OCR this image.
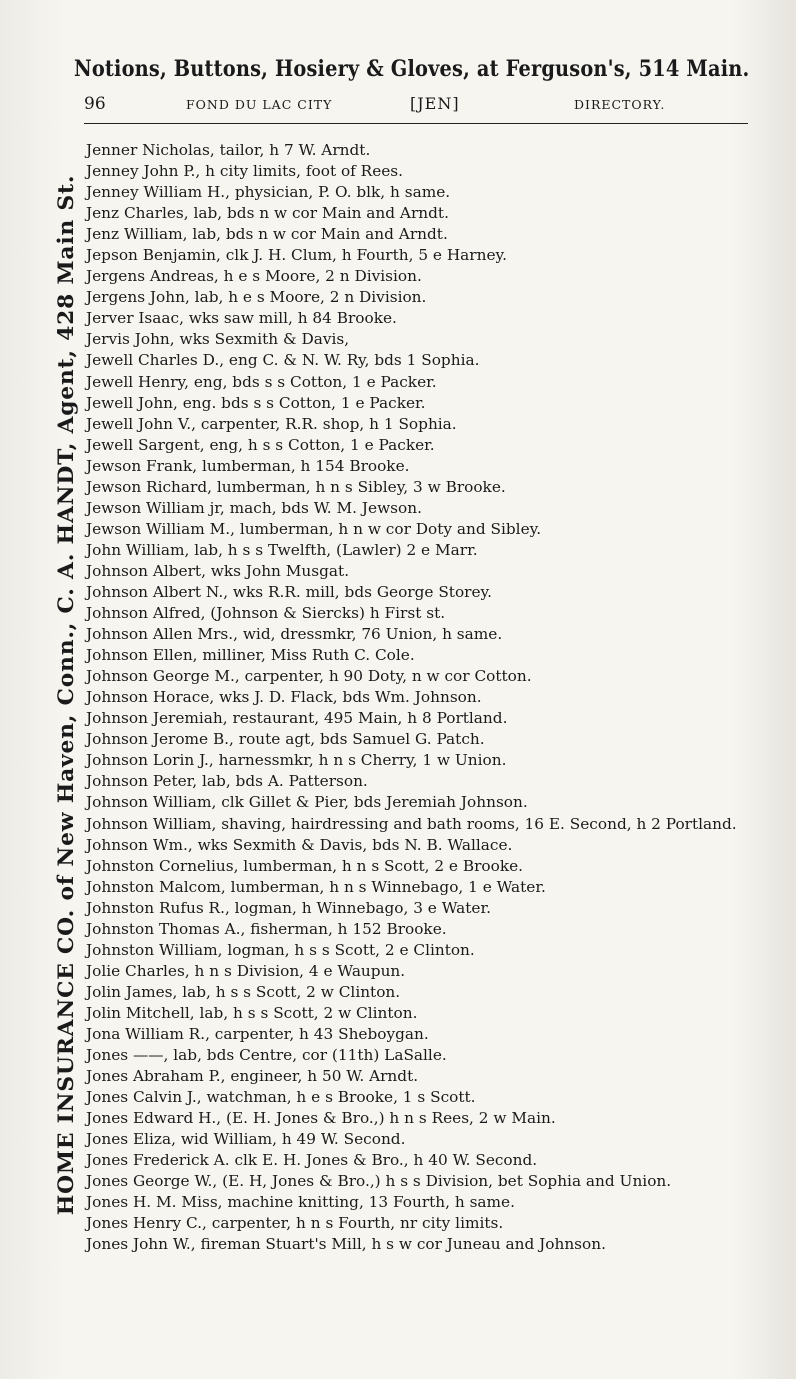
Notions, Buttons, Hosiery & Gloves, at Ferguson's, 514 Main.
96	FOND DU LAC CITY	[JEN]	DIRECTORY.
HOME INSURANCE CO. of New Haven, Conn., C. A. HANDT, Agent, 428 Main St.
Jenner Nicholas, tailor, h 7 W. Arndt.
Jenney John P., h city limits, foot of Rees.
Jenney William H., physician, P. O. blk, h same.
Jenz Charles, lab, bds n w cor Main and Arndt.
Jenz William, lab, bds n w cor Main and Arndt.
Jepson Benjamin, clk J. H. Clum, h Fourth, 5 e Harney.
Jergens Andreas, h e s Moore, 2 n Division.
Jergens John, lab, h e s Moore, 2 n Division.
Jerver Isaac, wks saw mill, h 84 Brooke.
Jervis John, wks Sexmith & Davis,
Jewell Charles D., eng C. & N. W. Ry, bds 1 Sophia.
Jewell Henry, eng, bds s s Cotton, 1 e Packer.
Jewell John, eng. bds s s Cotton, 1 e Packer.
Jewell John V., carpenter, R.R. shop, h 1 Sophia.
Jewell Sargent, eng, h s s Cotton, 1 e Packer.
Jewson Frank, lumberman, h 154 Brooke.
Jewson Richard, lumberman, h n s Sibley, 3 w Brooke.
Jewson William jr, mach, bds W. M. Jewson.
Jewson William M., lumberman, h n w cor Doty and Sibley.
John William, lab, h s s Twelfth, (Lawler) 2 e Marr.
Johnson Albert, wks John Musgat.
Johnson Albert N., wks R.R. mill, bds George Storey.
Johnson Alfred, (Johnson & Siercks) h First st.
Johnson Allen Mrs., wid, dressmkr, 76 Union, h same.
Johnson Ellen, milliner, Miss Ruth C. Cole.
Johnson George M., carpenter, h 90 Doty, n w cor Cotton.
Johnson Horace, wks J. D. Flack, bds Wm. Johnson.
Johnson Jeremiah, restaurant, 495 Main, h 8 Portland.
Johnson Jerome B., route agt, bds Samuel G. Patch.
Johnson Lorin J., harnessmkr, h n s Cherry, 1 w Union.
Johnson Peter, lab, bds A. Patterson.
Johnson William, clk Gillet & Pier, bds Jeremiah Johnson.
Johnson William, shaving, hairdressing and bath rooms, 16 E. Second, h 2 Portland.
Johnson Wm., wks Sexmith & Davis, bds N. B. Wallace.
Johnston Cornelius, lumberman, h n s Scott, 2 e Brooke.
Johnston Malcom, lumberman, h n s Winnebago, 1 e Water.
Johnston Rufus R., logman, h Winnebago, 3 e Water.
Johnston Thomas A., fisherman, h 152 Brooke.
Johnston William, logman, h s s Scott, 2 e Clinton.
Jolie Charles, h n s Division, 4 e Waupun.
Jolin James, lab, h s s Scott, 2 w Clinton.
Jolin Mitchell, lab, h s s Scott, 2 w Clinton.
Jona William R., carpenter, h 43 Sheboygan.
Jones ——, lab, bds Centre, cor (11th) LaSalle.
Jones Abraham P., engineer, h 50 W. Arndt.
Jones Calvin J., watchman, h e s Brooke, 1 s Scott.
Jones Edward H., (E. H. Jones & Bro.,) h n s Rees, 2 w Main.
Jones Eliza, wid William, h 49 W. Second.
Jones Frederick A. clk E. H. Jones & Bro., h 40 W. Second.
Jones George W., (E. H, Jones & Bro.,) h s s Division, bet Sophia and Union.
Jones H. M. Miss, machine knitting, 13 Fourth, h same.
Jones Henry C., carpenter, h n s Fourth, nr city limits.
Jones John W., fireman Stuart's Mill, h s w cor Juneau and Johnson.
